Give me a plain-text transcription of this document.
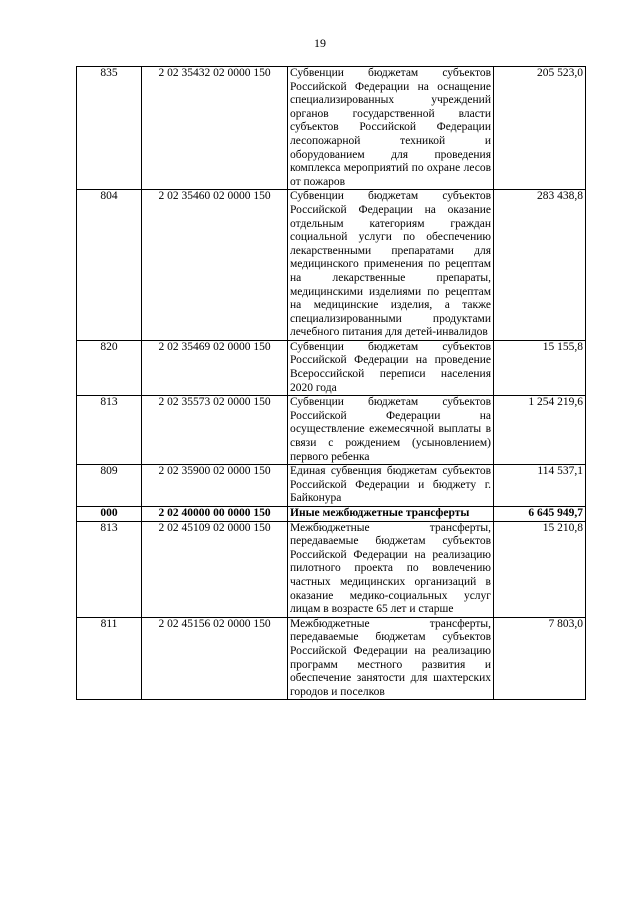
19
835	2 02 35432 02 0000 150	Субвенции бюджетам субъектов Российской Федерации на оснащение специализированных учреждений органов государственной власти субъектов Российской Федерации лесопожарной техникой и оборудованием для проведения комплекса мероприятий по охране лесов от пожаров	205 523,0
804	2 02 35460 02 0000 150	Субвенции бюджетам субъектов Российской Федерации на оказание отдельным категориям граждан социальной услуги по обеспечению лекарственными препаратами для медицинского применения по рецептам на лекарственные препараты, медицинскими изделиями по рецептам на медицинские изделия, а также специализированными продуктами лечебного питания для детей-инвалидов	283 438,8
820	2 02 35469 02 0000 150	Субвенции бюджетам субъектов Российской Федерации на проведение Всероссийской переписи населения 2020 года	15 155,8
813	2 02 35573 02 0000 150	Субвенции бюджетам субъектов Российской Федерации на осуществление ежемесячной выплаты в связи с рождением (усыновлением) первого ребенка	1 254 219,6
809	2 02 35900 02 0000 150	Единая субвенция бюджетам субъектов Российской Федерации и бюджету г. Байконура	114 537,1
000	2 02 40000 00 0000 150	Иные межбюджетные трансферты	6 645 949,7
813	2 02 45109 02 0000 150	Межбюджетные трансферты, передаваемые бюджетам субъектов Российской Федерации на реализацию пилотного проекта по вовлечению частных медицинских организаций в оказание медико-социальных услуг лицам в возрасте 65 лет и старше	15 210,8
811	2 02 45156 02 0000 150	Межбюджетные трансферты, передаваемые бюджетам субъектов Российской Федерации на реализацию программ местного развития и обеспечение занятости для шахтерских городов и поселков	7 803,0
